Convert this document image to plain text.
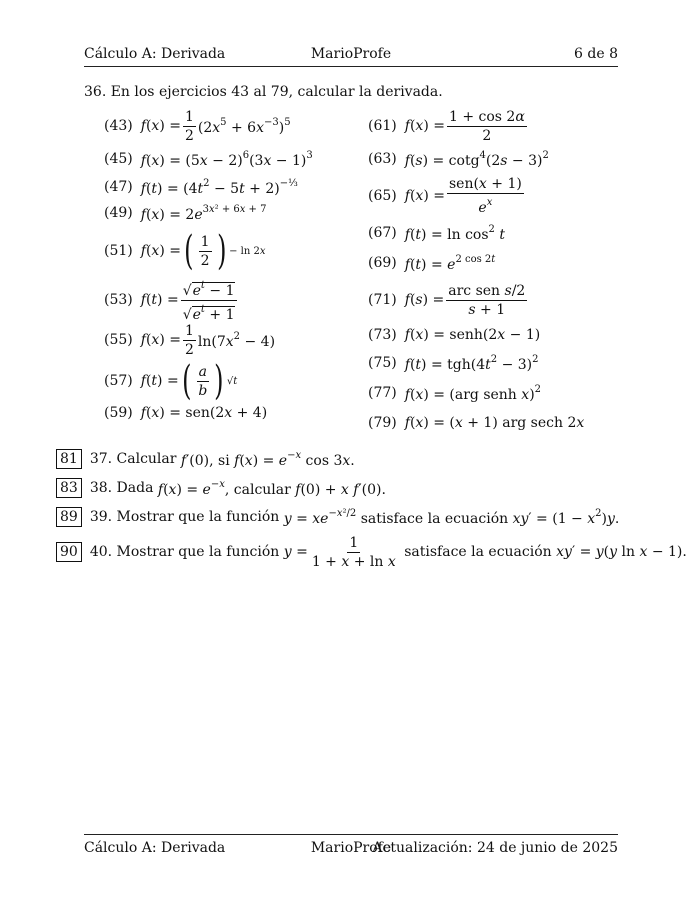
Cálculo A: Derivada	MarioProfe	6 de 8
36. En los ejercicios 43 al 79, calcular la derivada.
(43) $f(x) = \frac{1}{2} (2x^5 + 6x^{-3})^5$
(45) $f(x) = (5x - 2)^6(3x - 1)^3$
(47) $f(t) = (4t^2 - 5t + 2)^{-\frac{1}{3}}$
(49) $f(x) = 2e^{3x^2 + 6x + 7}$
(51) f(x) = ( $\frac{1}{2}$ ) − ln 2x
(53) $f(t) = \frac{√e^t - 1}{√e^t + 1}$
(55) $f(x) = \frac{1}{2} \ln(7x^2 - 4)$
(57) f(t) = ( $\frac{a}{b}$ ) √t
(59) f(x) = sen(2x + 4)
(61) $f(x) = \frac{1 + \cos 2\alpha}{2}$
(63) $f(s) = \cot g^4(2s - 3)^2$
(65) $f(x) = \frac{\text{sen(x + 1)}}{e^x}$
(67) $f(t) = \ln \cos^2 t$
(69) $f(t) = e^{2 cos 2t}$
(71) $f(s) = \frac{\text{arc sen s/2}}{s + 1}$
(73) f(x) = senh(2x − 1)
(75) $f(t) = tgh(4t^2 - 3)^2$
(77) f(x) = (arg senh x)$^2$
(79) f(x) = (x + 1) arg sech 2x
81 37. Calcular f′(0), si $f(x) = e^{-x}$ cos 3x.
83 38. Dada $f(x) = e^{-x}$, calcular f(0) + x f′(0).
89 39. Mostrar que la función $y = xe^{-x^2/2}$ satisface la ecuación $xy' = (1 - x^2)y$.
90 40. Mostrar que la función $y = \frac{1}{\text{1 + x + ln x}}$ satisface la ecuación xy′ = y(y ln x − 1).
Cálculo A: Derivada	MarioProfe
Actualización: 24 de junio de 2025
